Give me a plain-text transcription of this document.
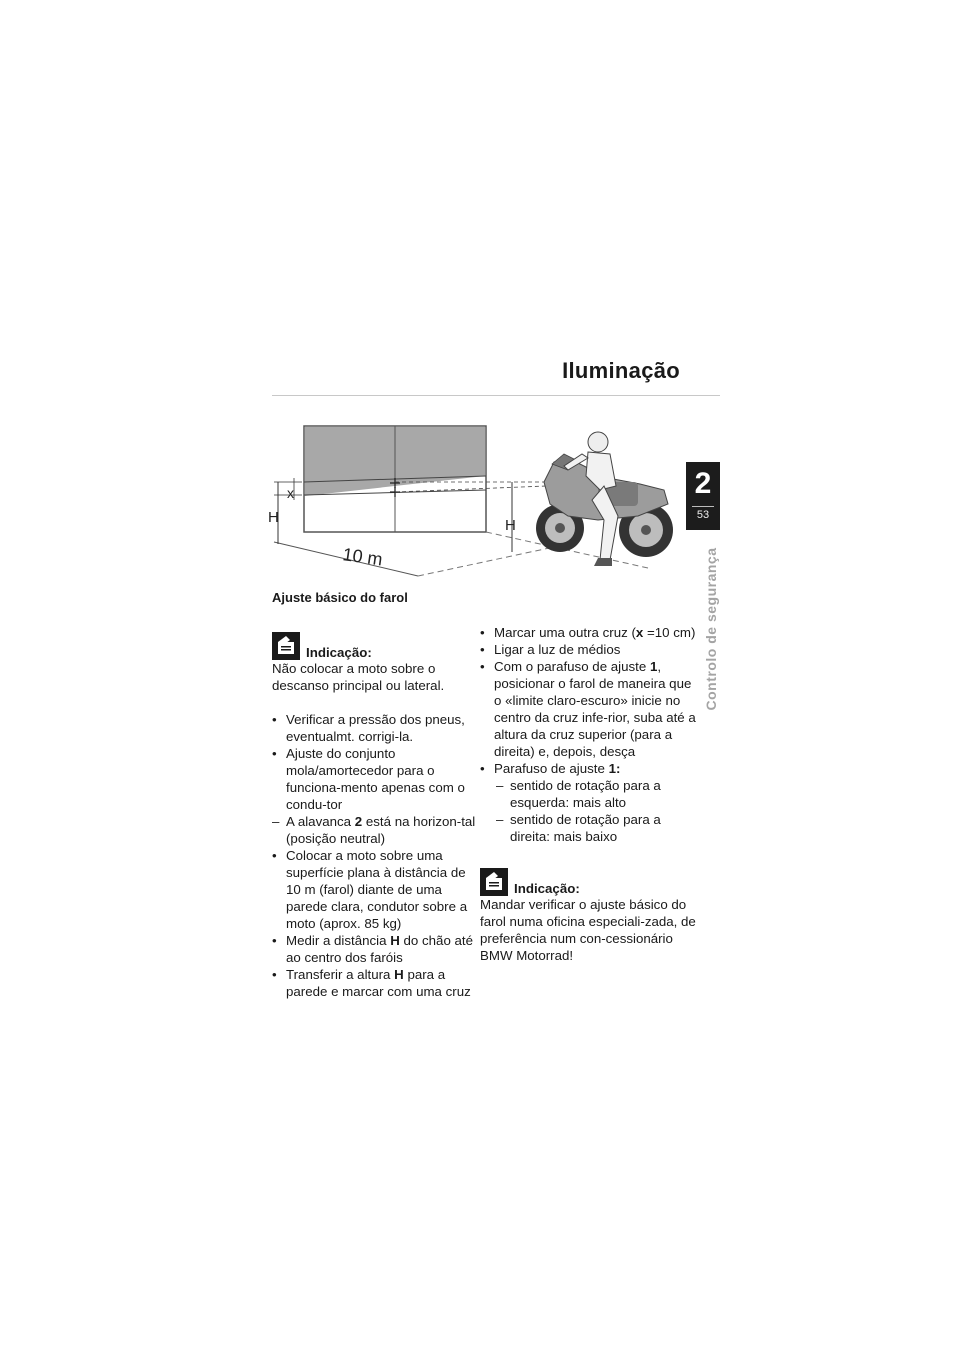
Iluminação
2
53
Controlo de segurança
x
H
10 m
H
Ajuste básico do farol
Indicação:

Não colocar a moto sobre o descanso principal ou lateral.

• Verificar a pressão dos pneus, eventualmt. corrigi-la.
• Ajuste do conjunto mola/amortecedor para o funciona-mento apenas com o condu-tor
– A alavanca 2 está na horizon-tal (posição neutral)
• Colocar a moto sobre uma superfície plana à distância de 10 m (farol) diante de uma parede clara, condutor sobre a moto (aprox. 85 kg)
• Medir a distância H do chão até ao centro dos faróis
• Transferir a altura H para a parede e marcar com uma cruz
• Marcar uma outra cruz (x =10 cm)
• Ligar a luz de médios
• Com o parafuso de ajuste 1, posicionar o farol de maneira que o «limite claro-escuro» inicie no centro da cruz infe-rior, suba até a altura da cruz superior (para a direita) e, depois, desça
• Parafuso de ajuste 1:
– sentido de rotação para a esquerda: mais alto
– sentido de rotação para a direita: mais baixo
Indicação:

Mandar verificar o ajuste básico do farol numa oficina especiali-zada, de preferência num con-cessionário BMW Motorrad!
